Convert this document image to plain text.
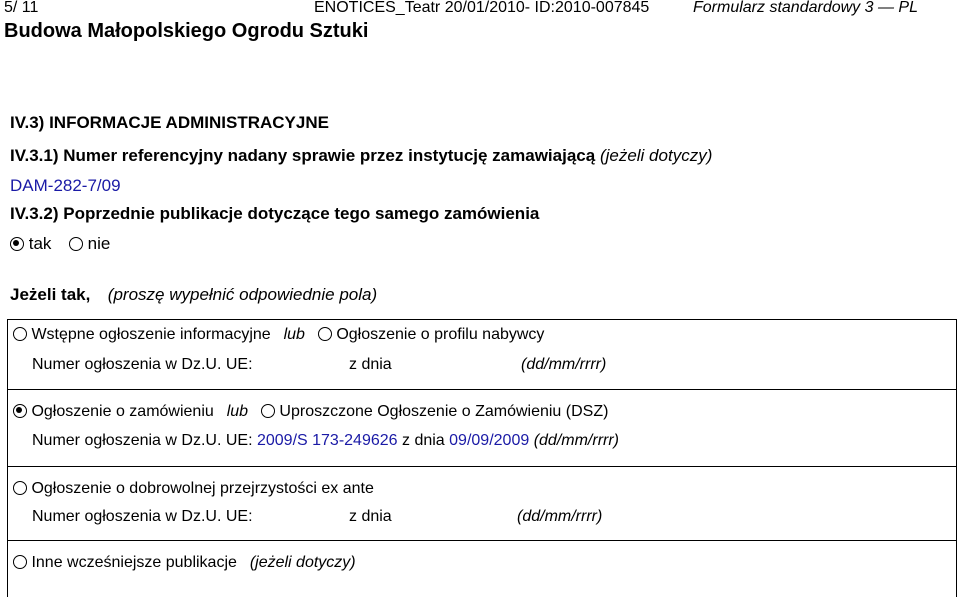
5/ 11	ENOTICES_Teatr 20/01/2010- ID:2010-007845	Formularz standardowy 3 — PL
Budowa Małopolskiego Ogrodu Sztuki
IV.3) INFORMACJE ADMINISTRACYJNE
IV.3.1) Numer referencyjny nadany sprawie przez instytucję zamawiającą (jeżeli dotyczy)
DAM-282-7/09
IV.3.2) Poprzednie publikacje dotyczące tego samego zamówienia
tak nie
Jeżeli tak, (proszę wypełnić odpowiednie pola)
Wstępne ogłoszenie informacyjne lub Ogłoszenie o profilu nabywcy
Numer ogłoszenia w Dz.U. UE:	z dnia	(dd/mm/rrrr)
Ogłoszenie o zamówieniu lub Uproszczone Ogłoszenie o Zamówieniu (DSZ)
Numer ogłoszenia w Dz.U. UE: 2009/S 173-249626 z dnia 09/09/2009 (dd/mm/rrrr)
Ogłoszenie o dobrowolnej przejrzystości ex ante
Numer ogłoszenia w Dz.U. UE:	z dnia	(dd/mm/rrrr)
Inne wcześniejsze publikacje (jeżeli dotyczy)
